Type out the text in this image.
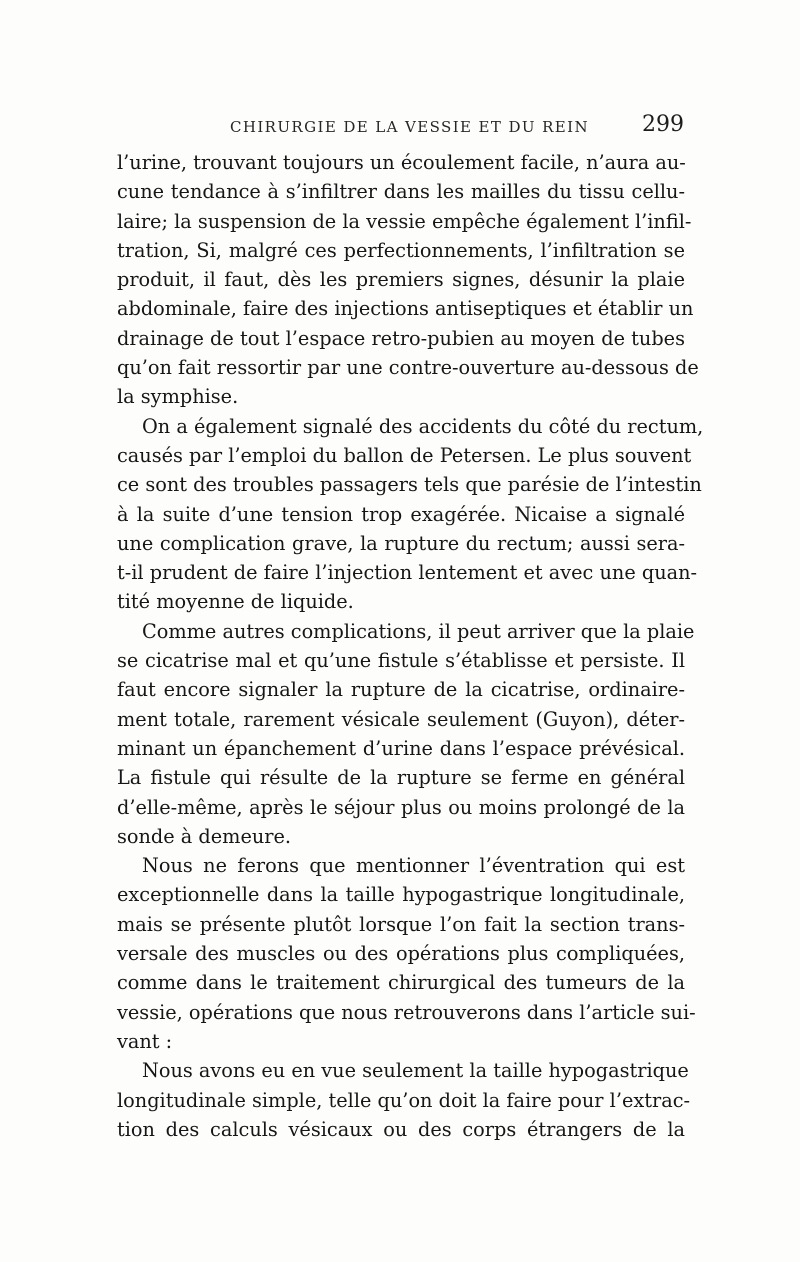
CHIRURGIE DE LA VESSIE ET DU REIN 299
l’urine, trouvant toujours un écoulement facile, n’aura au-
cune tendance à s’infiltrer dans les mailles du tissu cellu-
laire; la suspension de la vessie empêche également l’infil-
tration, Si, malgré ces perfectionnements, l’infiltration se
produit, il faut, dès les premiers signes, désunir la plaie
abdominale, faire des injections antiseptiques et établir un
drainage de tout l’espace retro-pubien au moyen de tubes
qu’on fait ressortir par une contre-ouverture au-dessous de
la symphise.
On a également signalé des accidents du côté du rectum,
causés par l’emploi du ballon de Petersen. Le plus souvent
ce sont des troubles passagers tels que parésie de l’intestin
à la suite d’une tension trop exagérée. Nicaise a signalé
une complication grave, la rupture du rectum; aussi sera-
t-il prudent de faire l’injection lentement et avec une quan-
tité moyenne de liquide.
Comme autres complications, il peut arriver que la plaie
se cicatrise mal et qu’une fistule s’établisse et persiste. Il
faut encore signaler la rupture de la cicatrise, ordinaire-
ment totale, rarement vésicale seulement (Guyon), déter-
minant un épanchement d’urine dans l’espace prévésical.
La fistule qui résulte de la rupture se ferme en général
d’elle-même, après le séjour plus ou moins prolongé de la
sonde à demeure.
Nous ne ferons que mentionner l’éventration qui est
exceptionnelle dans la taille hypogastrique longitudinale,
mais se présente plutôt lorsque l’on fait la section trans-
versale des muscles ou des opérations plus compliquées,
comme dans le traitement chirurgical des tumeurs de la
vessie, opérations que nous retrouverons dans l’article sui-
vant :
Nous avons eu en vue seulement la taille hypogastrique
longitudinale simple, telle qu’on doit la faire pour l’extrac-
tion des calculs vésicaux ou des corps étrangers de la
